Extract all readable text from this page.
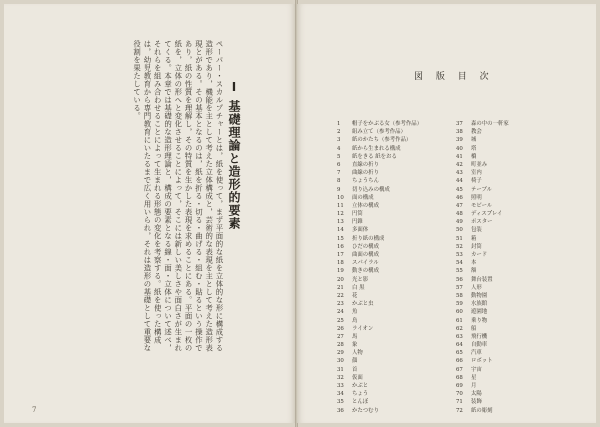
Ⅰ 基礎理論と造形的要素
ペーパー・スカルプチャーとは，紙を使って，まず平面的な紙を立体的な形に構成する造形であり，機能を主として考えた立体構成と，芸術的な表現を主として考えた造形表現とがある。その基本となるのは，紙を折る・切る・曲げる・組む・貼るという操作であり，紙の性質を理解し，その特質を生かした表現を求めることにある。平面の一枚の紙を，立体の形へと変化させることによって，そこには新しい美しさや面白さが生まれてくる。本章では基礎的な造形理論と，構成の要素となる線・面・立体について述べ，それらを組み合わせることによって生まれる形態の変化を考察する。紙を使った構成は，幼児教育から専門教育にいたるまで広く用いられ，それは造形の基礎として重要な役割を果たしている。
7
図 版 目 次
1	帽子をかぶる女（参考作品）
2	組み立て（参考作品）
3	紙のかたち（参考作品）
4	紙から生まれる構成
5	紙をきる 紙をおる
6	直線の折り
7	曲線の折り
8	ちょうちん
9	切り込みの構成
10	面の構成
11	立体の構成
12	円筒
13	円錐
14	多面体
15	折り紙の構成
16	ひだの構成
17	曲面の構成
18	スパイラル
19	動きの構成
20	光と影
21	白 黒
22	花
23	かぶと虫
24	魚
25	鳥
26	ライオン
27	馬
28	象
29	人物
30	顔
31	首
32	仮面
33	かぶと
34	ちょう
35	とんぼ
36	かたつむり
37	森の中の一軒家
38	教会
39	城
40	塔
41	橋
42	町並み
43	室内
44	椅子
45	テーブル
46	照明
47	モビール
48	ディスプレイ
49	ポスター
50	包装
51	箱
52	封筒
53	カード
54	本
55	額
56	舞台装置
57	人形
58	動物園
59	水族館
60	遊園地
61	乗り物
62	船
63	飛行機
64	自動車
65	汽車
66	ロボット
67	宇宙
68	星
69	月
70	太陽
71	装飾
72	紙の彫刻
